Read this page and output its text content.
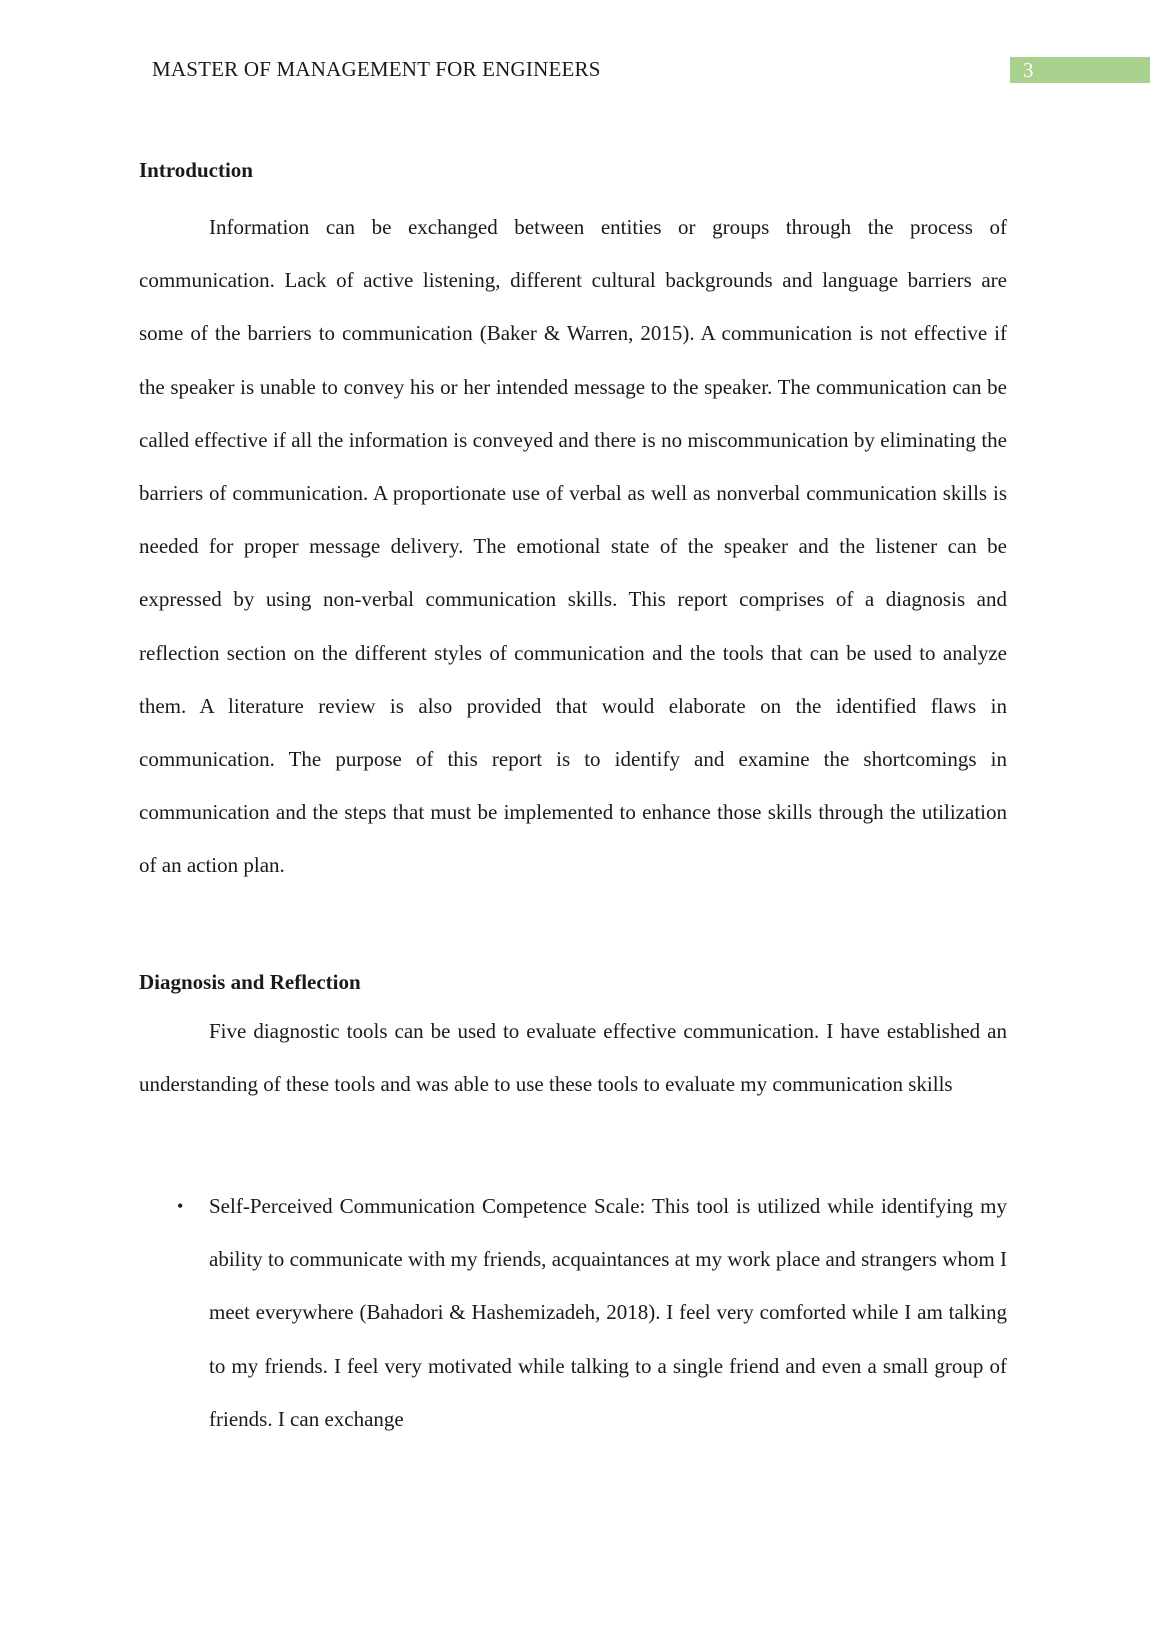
MASTER OF MANAGEMENT FOR ENGINEERS	3
Introduction

Information can be exchanged between entities or groups through the process of communication. Lack of active listening, different cultural backgrounds and language barriers are some of the barriers to communication (Baker & Warren, 2015). A communication is not effective if the speaker is unable to convey his or her intended message to the speaker. The communication can be called effective if all the information is conveyed and there is no miscommunication by eliminating the barriers of communication. A proportionate use of verbal as well as nonverbal communication skills is needed for proper message delivery. The emotional state of the speaker and the listener can be expressed by using non-verbal communication skills. This report comprises of a diagnosis and reflection section on the different styles of communication and the tools that can be used to analyze them. A literature review is also provided that would elaborate on the identified flaws in communication. The purpose of this report is to identify and examine the shortcomings in communication and the steps that must be implemented to enhance those skills through the utilization of an action plan.

Diagnosis and Reflection

Five diagnostic tools can be used to evaluate effective communication. I have established an understanding of these tools and was able to use these tools to evaluate my communication skills

• Self-Perceived Communication Competence Scale: This tool is utilized while identifying my ability to communicate with my friends, acquaintances at my work place and strangers whom I meet everywhere (Bahadori & Hashemizadeh, 2018). I feel very comforted while I am talking to my friends. I feel very motivated while talking to a single friend and even a small group of friends. I can exchange
